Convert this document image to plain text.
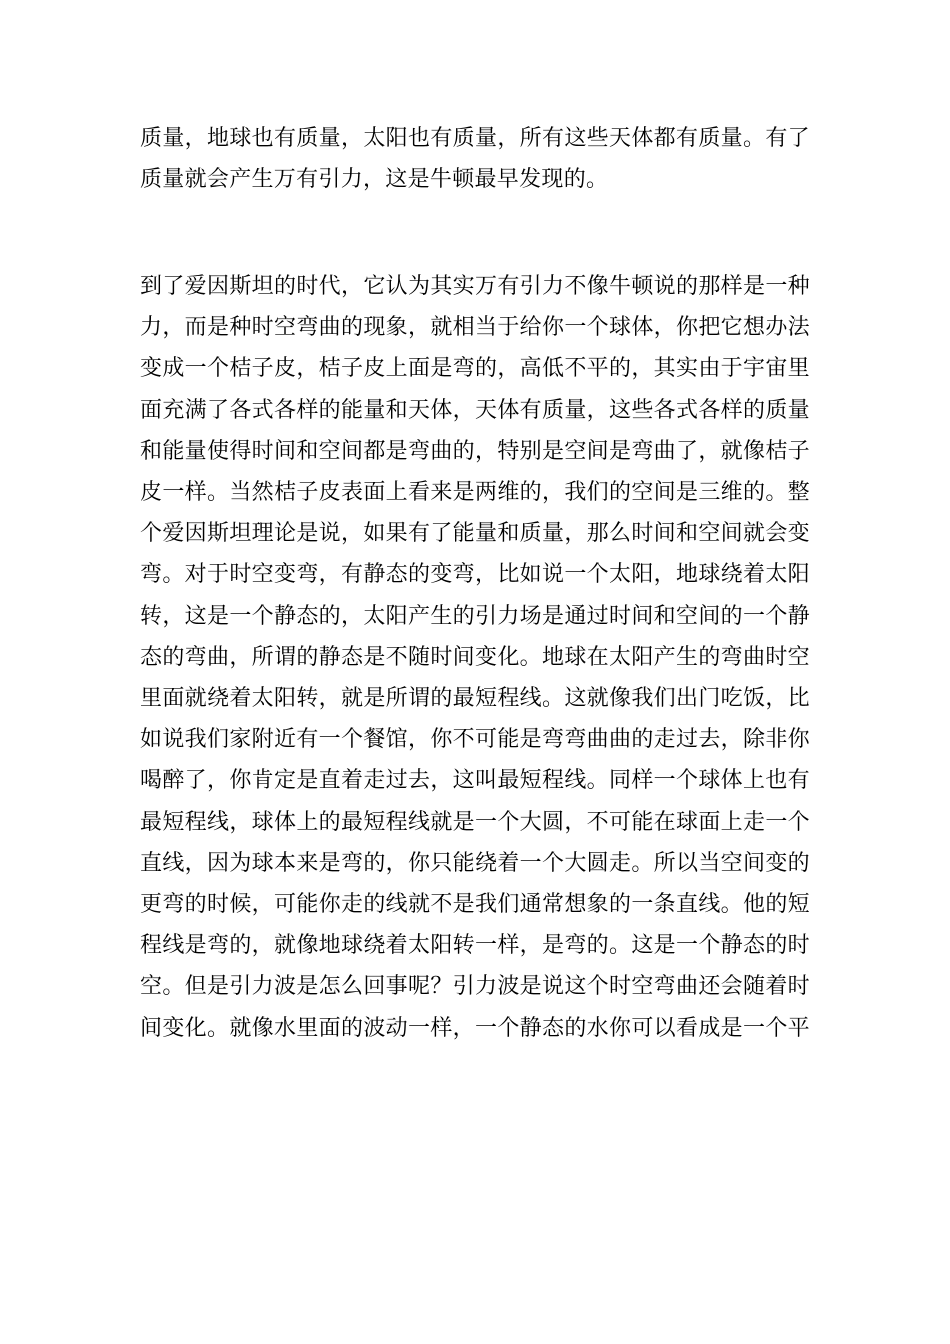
质量，地球也有质量，太阳也有质量，所有这些天体都有质量。有了
质量就会产生万有引力，这是牛顿最早发现的。
到了爱因斯坦的时代，它认为其实万有引力不像牛顿说的那样是一种
力，而是种时空弯曲的现象，就相当于给你一个球体，你把它想办法
变成一个桔子皮，桔子皮上面是弯的，高低不平的，其实由于宇宙里
面充满了各式各样的能量和天体，天体有质量，这些各式各样的质量
和能量使得时间和空间都是弯曲的，特别是空间是弯曲了，就像桔子
皮一样。当然桔子皮表面上看来是两维的，我们的空间是三维的。整
个爱因斯坦理论是说，如果有了能量和质量，那么时间和空间就会变
弯。对于时空变弯，有静态的变弯，比如说一个太阳，地球绕着太阳
转，这是一个静态的，太阳产生的引力场是通过时间和空间的一个静
态的弯曲，所谓的静态是不随时间变化。地球在太阳产生的弯曲时空
里面就绕着太阳转，就是所谓的最短程线。这就像我们出门吃饭，比
如说我们家附近有一个餐馆，你不可能是弯弯曲曲的走过去，除非你
喝醉了，你肯定是直着走过去，这叫最短程线。同样一个球体上也有
最短程线，球体上的最短程线就是一个大圆，不可能在球面上走一个
直线，因为球本来是弯的，你只能绕着一个大圆走。所以当空间变的
更弯的时候，可能你走的线就不是我们通常想象的一条直线。他的短
程线是弯的，就像地球绕着太阳转一样，是弯的。这是一个静态的时
空。但是引力波是怎么回事呢？引力波是说这个时空弯曲还会随着时
间变化。就像水里面的波动一样，一个静态的水你可以看成是一个平
